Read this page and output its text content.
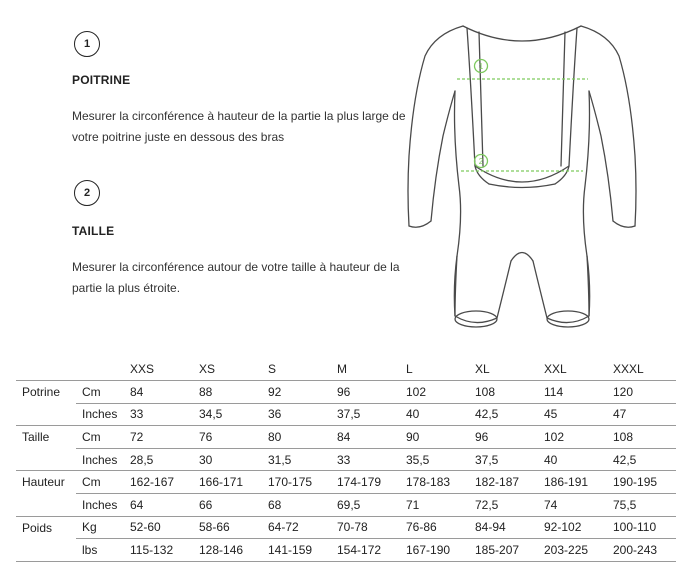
1
POITRINE
Mesurer la circonférence à hauteur de la partie la plus large de
votre poitrine juste en dessous des bras
2
TAILLE
Mesurer la circonférence autour de votre taille à hauteur de la
partie la plus étroite.
1
2
		XXS	XS	S	M	L	XL	XXL	XXXL
Potrine	Cm	84	88	92	96	102	108	114	120
	Inches	33	34,5	36	37,5	40	42,5	45	47
Taille	Cm	72	76	80	84	90	96	102	108
	Inches	28,5	30	31,5	33	35,5	37,5	40	42,5
Hauteur	Cm	162-167	166-171	170-175	174-179	178-183	182-187	186-191	190-195
	Inches	64	66	68	69,5	71	72,5	74	75,5
Poids	Kg	52-60	58-66	64-72	70-78	76-86	84-94	92-102	100-110
	lbs	115-132	128-146	141-159	154-172	167-190	185-207	203-225	200-243
